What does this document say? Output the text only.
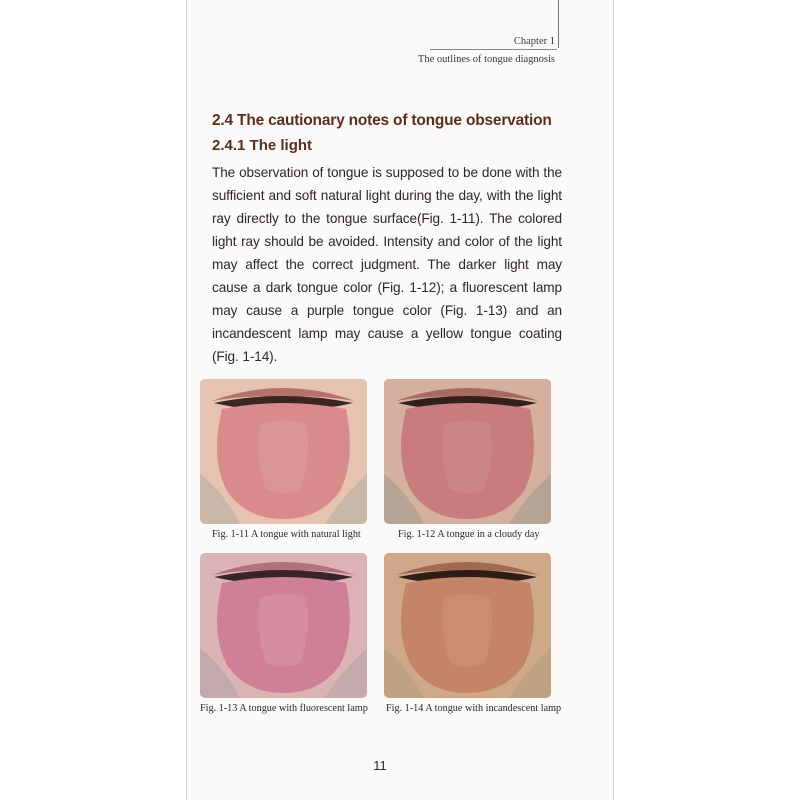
Chapter 1
The outlines of tongue diagnosis
2.4 The cautionary notes of tongue observation
2.4.1 The light
The observation of tongue is supposed to be done with the sufficient and soft natural light during the day, with the light ray directly to the tongue surface(Fig. 1-11). The colored light ray should be avoided. Intensity and color of the light may affect the correct judgment. The darker light may cause a dark tongue color (Fig. 1-12); a fluorescent lamp may cause a purple tongue color (Fig. 1-13) and an incandescent lamp may cause a yellow tongue coating (Fig. 1-14).
Fig. 1-11 A tongue with natural light	Fig. 1-12 A tongue in a cloudy day
Fig. 1-13 A tongue with fluorescent lamp Fig. 1-14 A tongue with incandescent lamp
11
